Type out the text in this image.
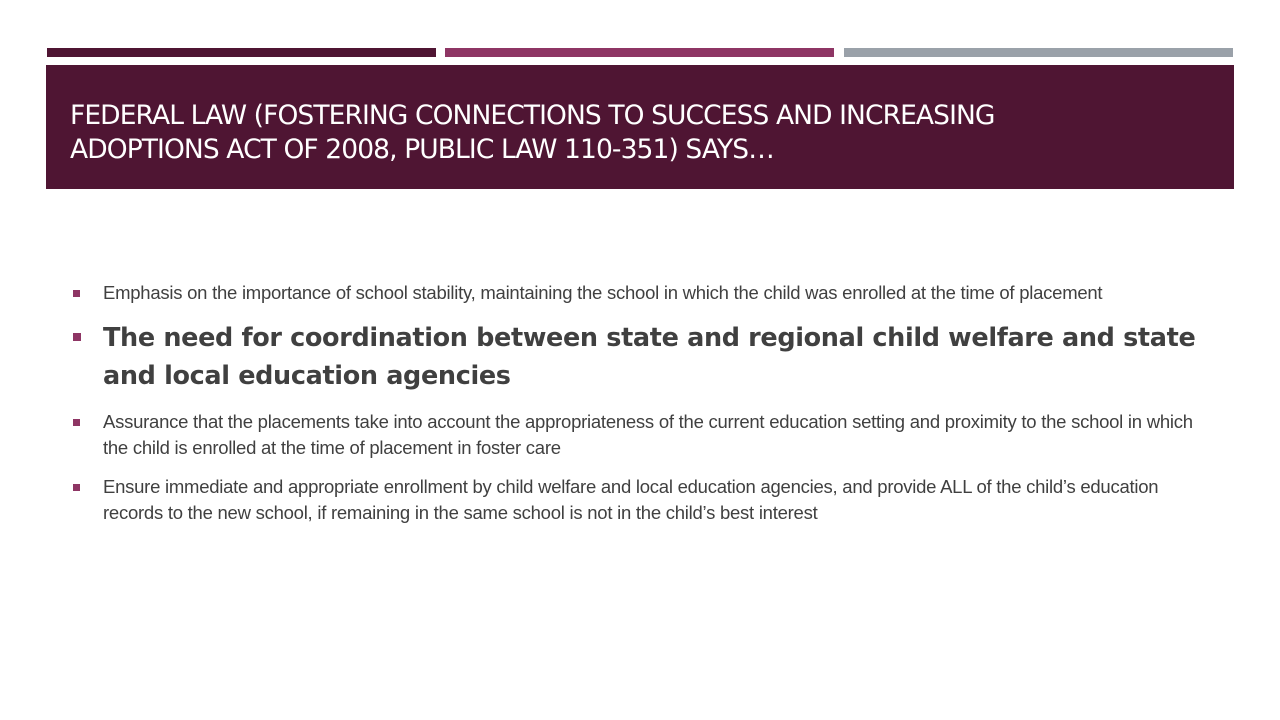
FEDERAL LAW (FOSTERING CONNECTIONS TO SUCCESS AND INCREASING
ADOPTIONS ACT OF 2008, PUBLIC LAW 110-351) SAYS…
Emphasis on the importance of school stability, maintaining the school in which the child was enrolled at the time of placement
The need for coordination between state and regional child welfare and state and local education agencies
Assurance that the placements take into account the appropriateness of the current education setting and proximity to the school in which the child is enrolled at the time of placement in foster care
Ensure immediate and appropriate enrollment by child welfare and local education agencies, and provide ALL of the child’s education records to the new school, if remaining in the same school is not in the child’s best interest
